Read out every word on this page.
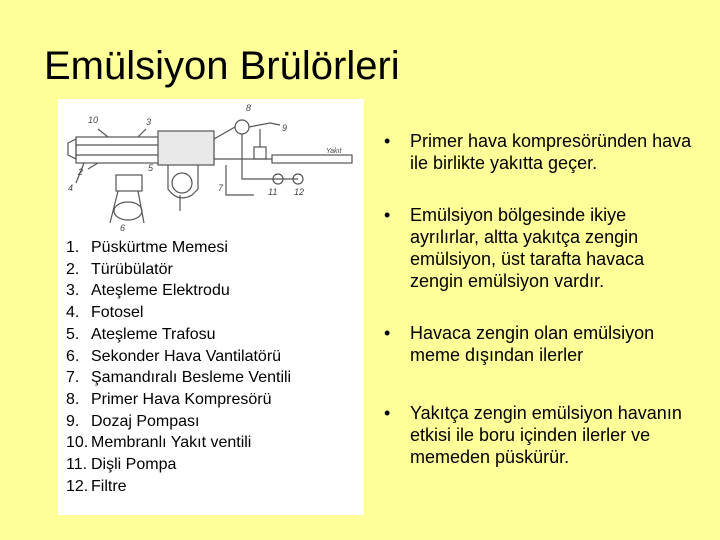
Emülsiyon Brülörleri
10
8
9
3
2
4	7
5
6
11 12
Yakıt
1. Püskürtme Memesi
2. Türübülatör
3. Ateşleme Elektrodu
4. Fotosel
5. Ateşleme Trafosu
6. Sekonder Hava Vantilatörü
7. Şamandıralı Besleme Ventili
8. Primer Hava Kompresörü
9. Dozaj Pompası
10. Membranlı Yakıt ventili
11. Dişli Pompa
12. Filtre
•	Primer hava kompresöründen hava ile birlikte yakıtta geçer.
•	Emülsiyon bölgesinde ikiye ayrılırlar, altta yakıtça zengin emülsiyon, üst tarafta havaca zengin emülsiyon vardır.
•	Havaca zengin olan emülsiyon meme dışından ilerler
•	Yakıtça zengin emülsiyon havanın etkisi ile boru içinden ilerler ve memeden püskürür.
